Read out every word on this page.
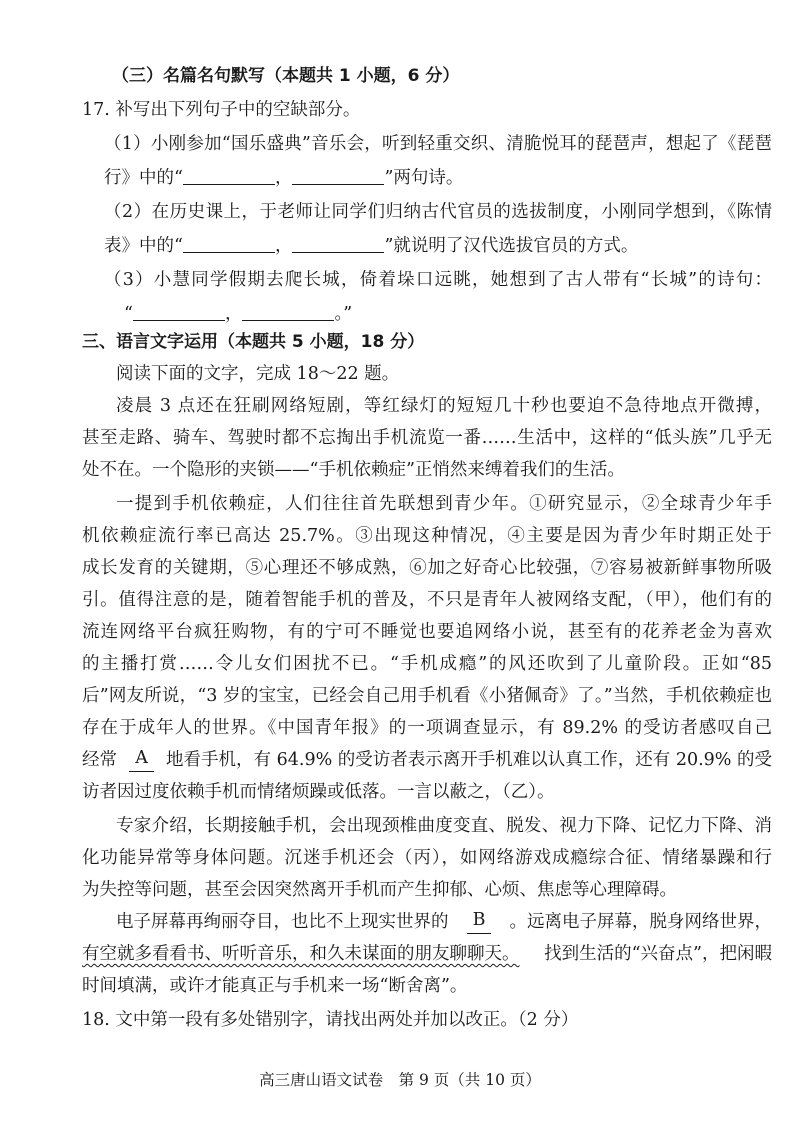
（三）名篇名句默写（本题共 1 小题，6 分）
17. 补写出下列句子中的空缺部分。
（1）小刚参加“国乐盛典”音乐会，听到轻重交织、清脆悦耳的琵琶声，想起了《琵琶
行》中的“	，	”两句诗。
（2）在历史课上，于老师让同学们归纳古代官员的选拔制度，小刚同学想到，《陈情
表》中的“	，	”就说明了汉代选拔官员的方式。
（3）小慧同学假期去爬长城，倚着垛口远眺，她想到了古人带有“长城”的诗句：
“	，	。”
三、语言文字运用（本题共 5 小题，18 分）
阅读下面的文字，完成 18～22 题。
凌晨 3 点还在狂刷网络短剧，等红绿灯的短短几十秒也要迫不急待地点开微搏，
甚至走路、骑车、驾驶时都不忘掏出手机流览一番……生活中，这样的“低头族”几乎无
处不在。一个隐形的夹锁——“手机依赖症”正悄然来缚着我们的生活。
一提到手机依赖症，人们往往首先联想到青少年。①研究显示，②全球青少年手
机依赖症流行率已高达 25.7%。③出现这种情况，④主要是因为青少年时期正处于
成长发育的关键期，⑤心理还不够成熟，⑥加之好奇心比较强，⑦容易被新鲜事物所吸
引。值得注意的是，随着智能手机的普及，不只是青年人被网络支配，（甲），他们有的
流连网络平台疯狂购物，有的宁可不睡觉也要追网络小说，甚至有的花养老金为喜欢
的主播打赏……令儿女们困扰不已。“手机成瘾”的风还吹到了儿童阶段。正如“85
后”网友所说，“3 岁的宝宝，已经会自己用手机看《小猪佩奇》了。”当然，手机依赖症也
存在于成年人的世界。《中国青年报》的一项调查显示，有 89.2% 的受访者感叹自己
经常	A	地看手机，有 64.9% 的受访者表示离开手机难以认真工作，还有 20.9% 的受
访者因过度依赖手机而情绪烦躁或低落。一言以蔽之，（乙）。
专家介绍，长期接触手机，会出现颈椎曲度变直、脱发、视力下降、记忆力下降、消
化功能异常等身体问题。沉迷手机还会（丙），如网络游戏成瘾综合征、情绪暴躁和行
为失控等问题，甚至会因突然离开手机而产生抑郁、心烦、焦虑等心理障碍。
电子屏幕再绚丽夺目，也比不上现实世界的	B	。远离电子屏幕，脱身网络世界，
有空就多看看书、听听音乐，和久未谋面的朋友聊聊天。 找到生活的“兴奋点”，把闲暇
时间填满，或许才能真正与手机来一场“断舍离”。
18. 文中第一段有多处错别字，请找出两处并加以改正。（2 分）
高三唐山语文试卷　第 9 页（共 10 页）
